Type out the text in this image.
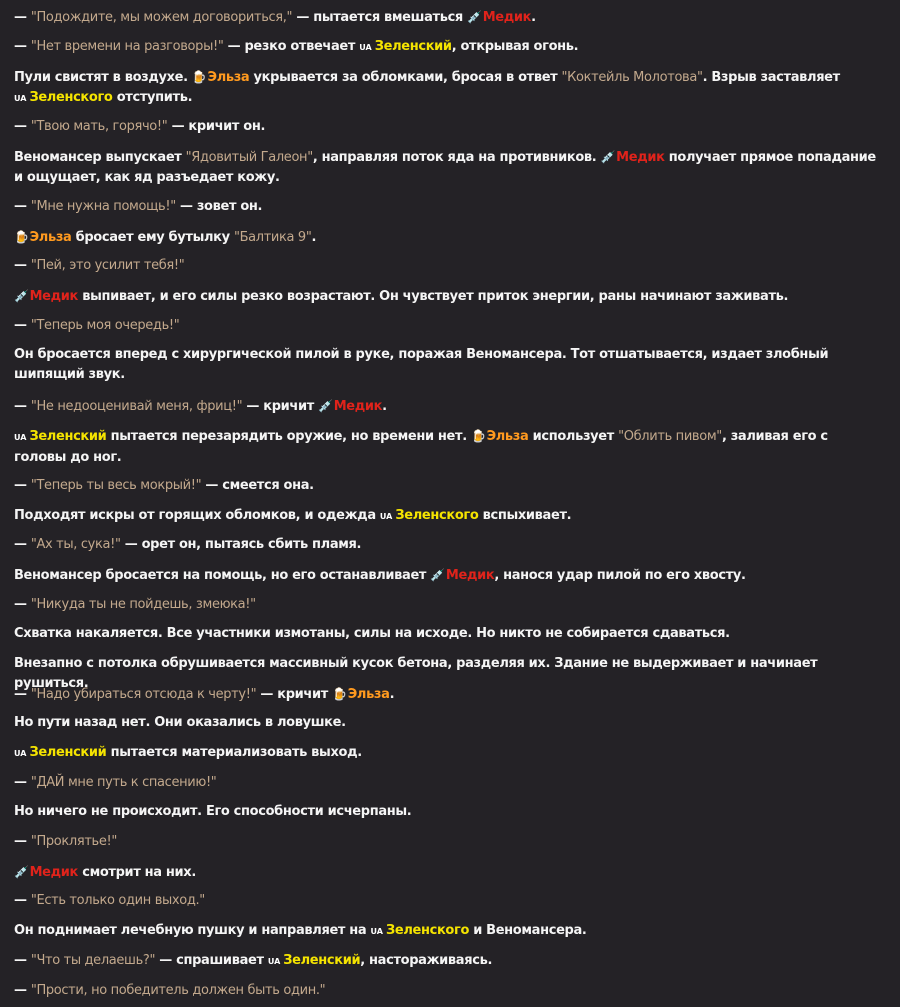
— "Подождите, мы можем договориться," — пытается вмешаться 💉Медик.
— "Нет времени на разговоры!" — резко отвечает UA Зеленский, открывая огонь.
Пули свистят в воздухе. 🍺Эльза укрывается за обломками, бросая в ответ "Коктейль Молотова". Взрыв заставляет UA Зеленского отступить.
— "Твою мать, горячо!" — кричит он.
Веномансер выпускает "Ядовитый Галеон", направляя поток яда на противников. 💉Медик получает прямое попадание и ощущает, как яд разъедает кожу.
— "Мне нужна помощь!" — зовет он.
🍺Эльза бросает ему бутылку "Балтика 9".
— "Пей, это усилит тебя!"
💉Медик выпивает, и его силы резко возрастают. Он чувствует приток энергии, раны начинают заживать.
— "Теперь моя очередь!"
Он бросается вперед с хирургической пилой в руке, поражая Веномансера. Тот отшатывается, издает злобный шипящий звук.
— "Не недооценивай меня, фриц!" — кричит 💉Медик.
UA Зеленский пытается перезарядить оружие, но времени нет. 🍺Эльза использует "Облить пивом", заливая его с головы до ног.
— "Теперь ты весь мокрый!" — смеется она.
Подходят искры от горящих обломков, и одежда UA Зеленского вспыхивает.
— "Ах ты, сука!" — орет он, пытаясь сбить пламя.
Веномансер бросается на помощь, но его останавливает 💉Медик, нанося удар пилой по его хвосту.
— "Никуда ты не пойдешь, змеюка!"
Схватка накаляется. Все участники измотаны, силы на исходе. Но никто не собирается сдаваться.
Внезапно с потолка обрушивается массивный кусок бетона, разделяя их. Здание не выдерживает и начинает рушиться.
— "Надо убираться отсюда к черту!" — кричит 🍺Эльза.
Но пути назад нет. Они оказались в ловушке.
UA Зеленский пытается материализовать выход.
— "ДАЙ мне путь к спасению!"
Но ничего не происходит. Его способности исчерпаны.
— "Проклятье!"
💉Медик смотрит на них.
— "Есть только один выход."
Он поднимает лечебную пушку и направляет на UA Зеленского и Веномансера.
— "Что ты делаешь?" — спрашивает UA Зеленский, настораживаясь.
— "Прости, но победитель должен быть один."
